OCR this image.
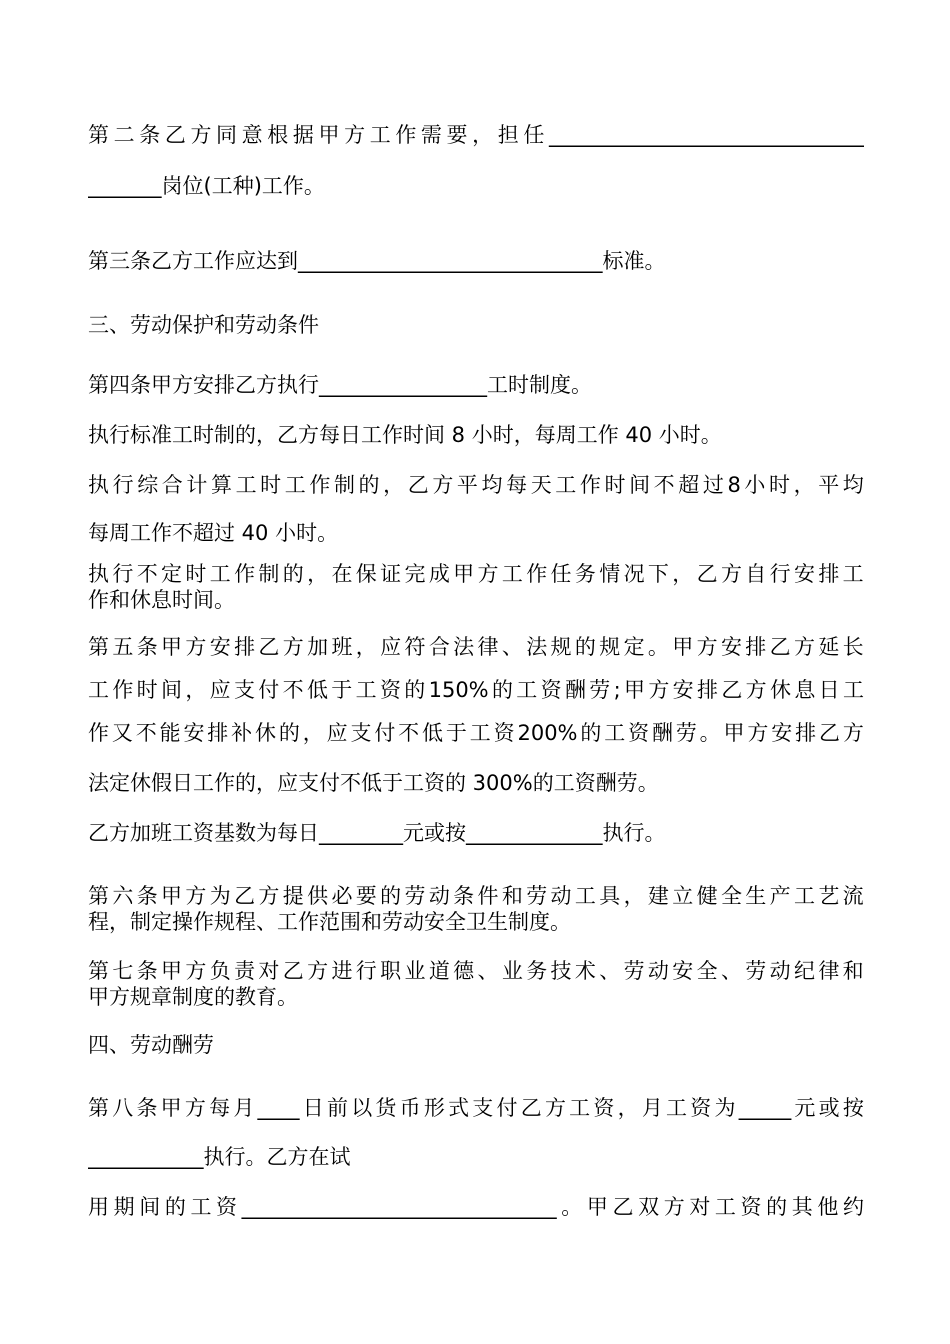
第 二 条 乙 方 同 意 根 据 甲 方 工 作 需 要 ， 担 任 ______________________________
_______岗位(工种)工作。
第三条乙方工作应达到_____________________________标准。
三、劳动保护和劳动条件
第四条甲方安排乙方执行________________工时制度。
执行标准工时制的，乙方每日工作时间 8 小时，每周工作 40 小时。
执 行 综 合 计 算 工 时 工 作 制 的 ， 乙 方 平 均 每 天 工 作 时 间 不 超 过 8 小 时 ， 平 均
每周工作不超过 40 小时。
执 行 不 定 时 工 作 制 的 ， 在 保 证 完 成 甲 方 工 作 任 务 情 况 下 ， 乙 方 自 行 安 排 工
作和休息时间。
第 五 条 甲 方 安 排 乙 方 加 班 ， 应 符 合 法 律 、 法 规 的 规 定 。 甲 方 安 排 乙 方 延 长
工 作 时 间 ， 应 支 付 不 低 于 工 资 的 150% 的 工 资 酬 劳 ; 甲 方 安 排 乙 方 休 息 日 工
作 又 不 能 安 排 补 休 的 ， 应 支 付 不 低 于 工 资 200% 的 工 资 酬 劳 。 甲 方 安 排 乙 方
法定休假日工作的，应支付不低于工资的 300%的工资酬劳。
乙方加班工资基数为每日________元或按_____________执行。
第 六 条 甲 方 为 乙 方 提 供 必 要 的 劳 动 条 件 和 劳 动 工 具 ， 建 立 健 全 生 产 工 艺 流
程，制定操作规程、工作范围和劳动安全卫生制度。
第 七 条 甲 方 负 责 对 乙 方 进 行 职 业 道 德 、 业 务 技 术 、 劳 动 安 全 、 劳 动 纪 律 和
甲方规章制度的教育。
四、劳动酬劳
第 八 条 甲 方 每 月 ____ 日 前 以 货 币 形 式 支 付 乙 方 工 资 ， 月 工 资 为 _____ 元 或 按
___________执行。乙方在试
用 期 间 的 工 资 ______________________________ 。 甲 乙 双 方 对 工 资 的 其 他 约
